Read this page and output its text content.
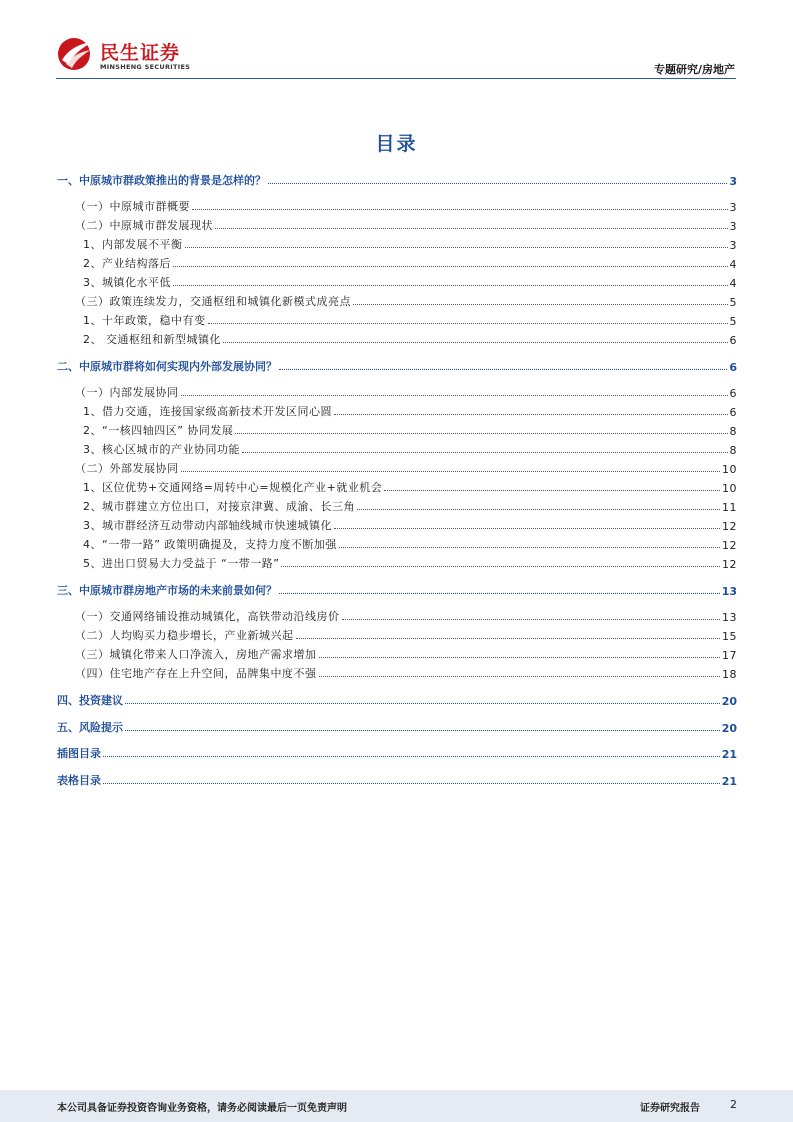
民生证券
MINSHENG SECURITIES	专题研究/房地产
目录
一、中原城市群政策推出的背景是怎样的？	3
（一）中原城市群概要	3
（二）中原城市群发展现状	3
1、内部发展不平衡	3
2、产业结构落后	4
3、城镇化水平低	4
（三）政策连续发力，交通枢纽和城镇化新模式成亮点	5
1、十年政策，稳中有变	5
2、 交通枢纽和新型城镇化	6
二、中原城市群将如何实现内外部发展协同？	6
（一）内部发展协同	6
1、借力交通，连接国家级高新技术开发区同心圆	6
2、“一核四轴四区” 协同发展	8
3、核心区城市的产业协同功能	8
（二）外部发展协同	10
1、区位优势+交通网络=周转中心=规模化产业+就业机会	10
2、城市群建立方位出口，对接京津冀、成渝、长三角	11
3、城市群经济互动带动内部轴线城市快速城镇化	12
4、“一带一路” 政策明确提及，支持力度不断加强	12
5、进出口贸易大力受益于 “一带一路”	12
三、中原城市群房地产市场的未来前景如何？	13
（一）交通网络铺设推动城镇化，高铁带动沿线房价	13
（二）人均购买力稳步增长，产业新城兴起	15
（三）城镇化带来人口净流入，房地产需求增加	17
（四）住宅地产存在上升空间，品牌集中度不强	18
四、投资建议	20
五、风险提示	20
插图目录	21
表格目录	21
本公司具备证券投资咨询业务资格，请务必阅读最后一页免责声明	证券研究报告	2
